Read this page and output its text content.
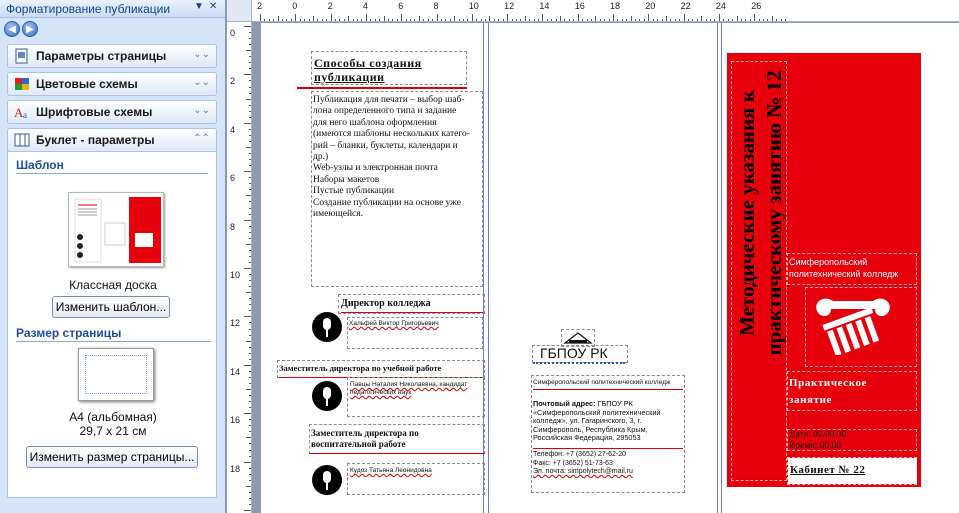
Форматирование публикации ▼ ✕
◀	▶
Параметры страницы	⌄⌄
Цветовые схемы	⌄⌄
A a Шрифтовые схемы	⌄⌄
Буклет - параметры	⌃⌃
Шаблон
Классная доска
Изменить шаблон...
Размер страницы
A4 (альбомная)
29,7 x 21 см
Изменить размер страницы...
2	0	2	4	6	8	10	12	14	16	18	20	22	24	26
0
2
4
6
8
10
12
14
16
18
Способы создания публикации
Публикация для печати – выбор шаб-
лона определенного типа и задание
для него шаблона оформления
(имеются шаблоны нескольких катего-
рий – бланки, буклеты, календари и
др.)
Web-узлы и электронная почта
Наборы макетов
Пустые публикации
Создание публикации на основе уже
имеющейся.
Директор колледжа
Хальфей Виктор Григорьевич
Заместитель директора по учебной работе
Павцы Наталия Николаевна, кандидат педагогических наук
Заместитель директора по воспитательной работе
Кудоз Татьяна Леонидовна
ГБПОУ РК
Симферопольский политехнический колледж
Почтовый адрес: ГБПОУ РК «Симферопольский политехнический колледж», ул. Гагаринского, 3, г. Симферополь, Республика Крым, Российская Федерация, 295053
Телефон: +7 (3652) 27-62-20
Факс: +7 (3652) 51-73-63
Эл. почта: simpolytech@mail.ru
Методические указания к практическому занятию № 12 Симферопольский политехнический колледж
Практическое занятие
Дата: 00.00.00
Время: 00.00
Кабинет № 22
